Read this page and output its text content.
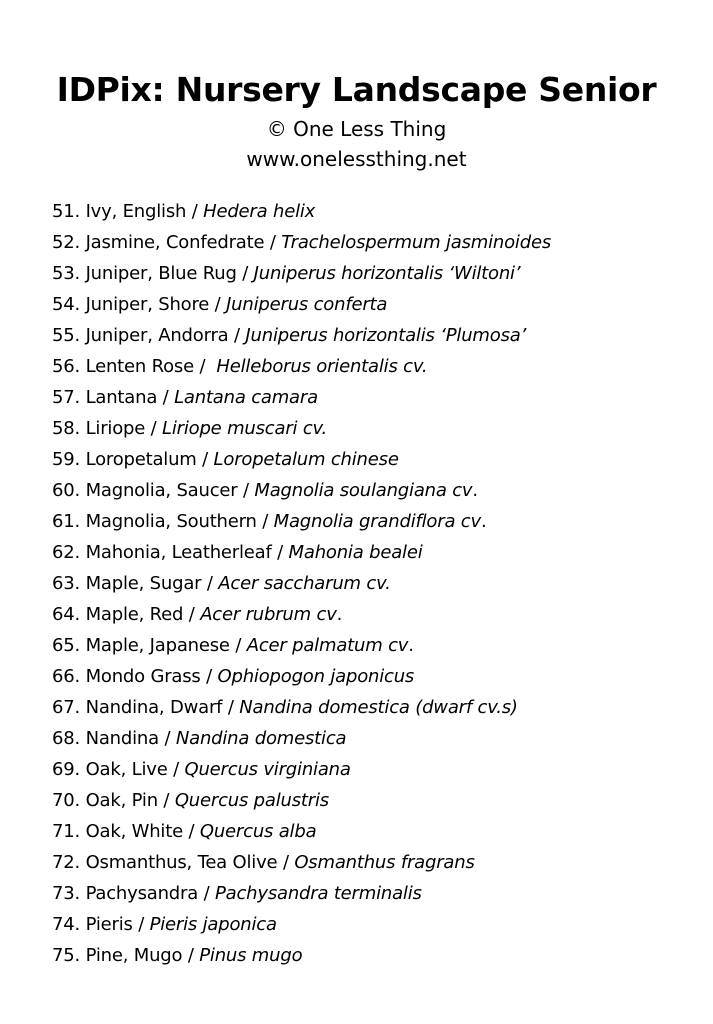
IDPix: Nursery Landscape Senior

© One Less Thing

www.onelessthing.net

51. Ivy, English / Hedera helix
52. Jasmine, Confedrate / Trachelospermum jasminoides
53. Juniper, Blue Rug / Juniperus horizontalis ‘Wiltoni’
54. Juniper, Shore / Juniperus conferta
55. Juniper, Andorra / Juniperus horizontalis ‘Plumosa’
56. Lenten Rose /  Helleborus orientalis cv.
57. Lantana / Lantana camara
58. Liriope / Liriope muscari cv.
59. Loropetalum / Loropetalum chinese
60. Magnolia, Saucer / Magnolia soulangiana cv.
61. Magnolia, Southern / Magnolia grandiflora cv.
62. Mahonia, Leatherleaf / Mahonia bealei
63. Maple, Sugar / Acer saccharum cv.
64. Maple, Red / Acer rubrum cv.
65. Maple, Japanese / Acer palmatum cv.
66. Mondo Grass / Ophiopogon japonicus
67. Nandina, Dwarf / Nandina domestica (dwarf cv.s)
68. Nandina / Nandina domestica
69. Oak, Live / Quercus virginiana
70. Oak, Pin / Quercus palustris
71. Oak, White / Quercus alba
72. Osmanthus, Tea Olive / Osmanthus fragrans
73. Pachysandra / Pachysandra terminalis
74. Pieris / Pieris japonica
75. Pine, Mugo / Pinus mugo
